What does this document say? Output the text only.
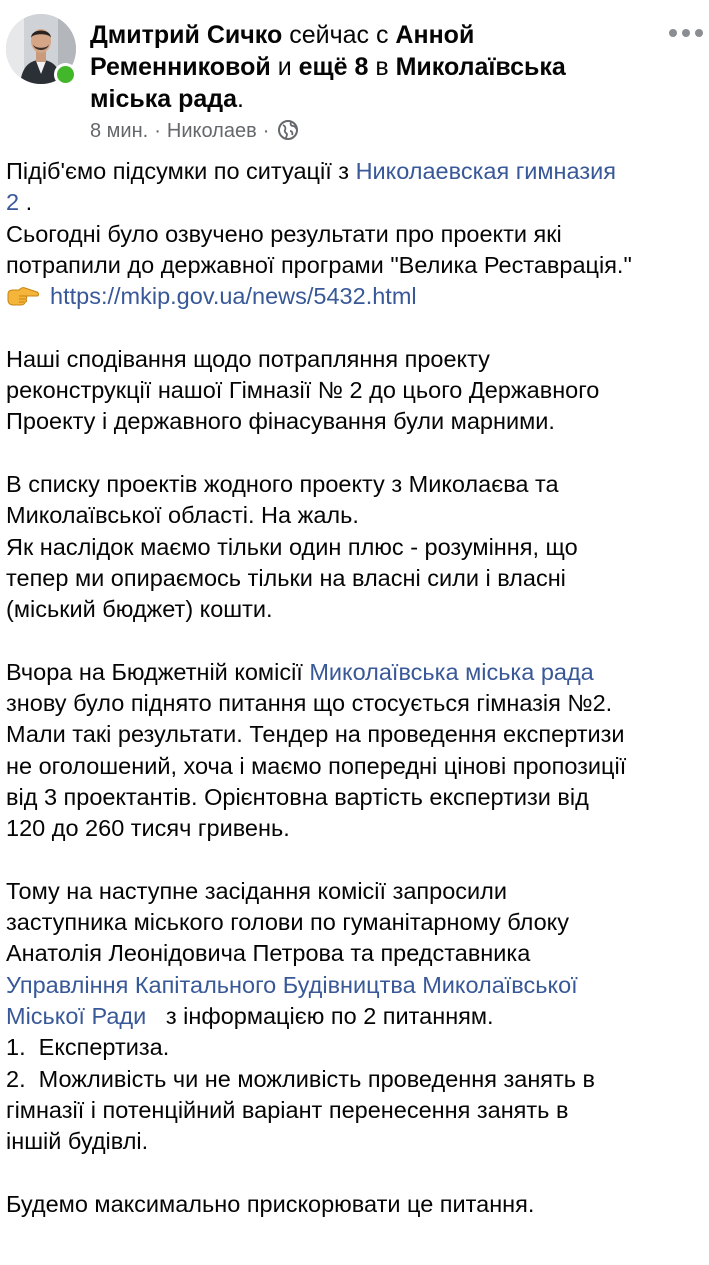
Дмитрий Сичко сейчас с Анной
Ременниковой и ещё 8 в Миколаївська
міська рада.
8 мин. · Николаев ·
Підіб'ємо підсумки по ситуації з Николаевская гимназия
2 .
Сьогодні було озвучено результати про проекти які
потрапили до державної програми "Велика Реставрація."
https://mkip.gov.ua/news/5432.html
Наші сподівання щодо потрапляння проекту
реконструкції нашої Гімназії № 2 до цього Державного
Проекту і державного фінасування були марними.
В списку проектів жодного проекту з Миколаєва та
Миколаївської області. На жаль.
Як наслідок маємо тільки один плюс - розуміння, що
тепер ми опираємось тільки на власні сили і власні
(міський бюджет) кошти.
Вчора на Бюджетній комісії Миколаївська міська рада
знову було піднято питання що стосується гімназія №2.
Мали такі результати. Тендер на проведення експертизи
не оголошений, хоча і маємо попередні цінові пропозиції
від 3 проектантів. Орієнтовна вартість експертизи від
120 до 260 тисяч гривень.
Тому на наступне засідання комісії запросили
заступника міського голови по гуманітарному блоку
Анатолія Леонідовича Петрова та представника
Управління Капітального Будівництва Миколаївської
Міської Ради   з інформацією по 2 питанням.
1.  Експертиза.
2.  Можливість чи не можливість проведення занять в
гімназії і потенційний варіант перенесення занять в
іншій будівлі.
Будемо максимально прискорювати це питання.
